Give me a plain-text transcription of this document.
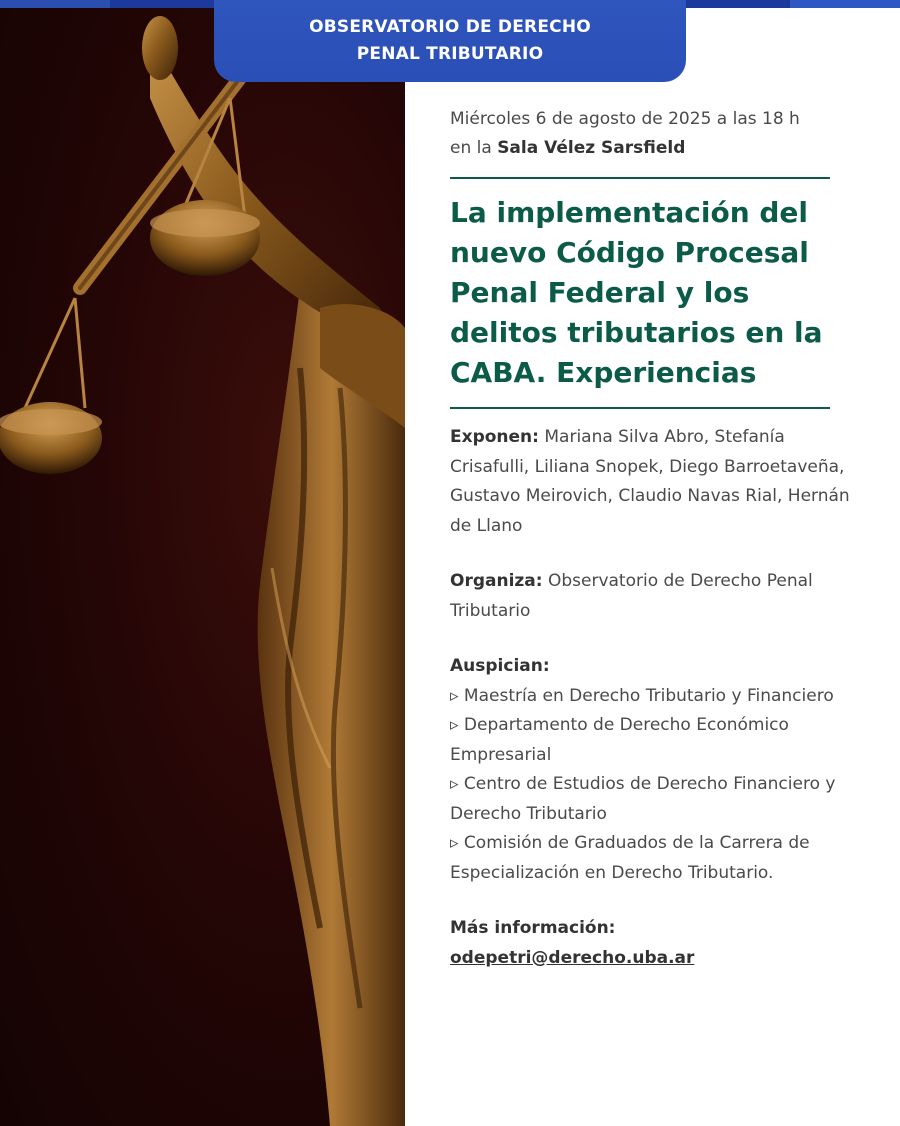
OBSERVATORIO DE DERECHO
PENAL TRIBUTARIO
Miércoles 6 de agosto de 2025 a las 18 h
en la Sala Vélez Sarsfield
La implementación del nuevo Código Procesal Penal Federal y los delitos tributarios en la CABA. Experiencias
Exponen: Mariana Silva Abro, Stefanía Crisafulli, Liliana Snopek, Diego Barroetaveña, Gustavo Meirovich, Claudio Navas Rial, Hernán de Llano
Organiza: Observatorio de Derecho Penal Tributario
Auspician:
▹ Maestría en Derecho Tributario y Financiero
▹ Departamento de Derecho Económico Empresarial
▹ Centro de Estudios de Derecho Financiero y Derecho Tributario
▹ Comisión de Graduados de la Carrera de Especialización en Derecho Tributario.
Más información:
odepetri@derecho.uba.ar
